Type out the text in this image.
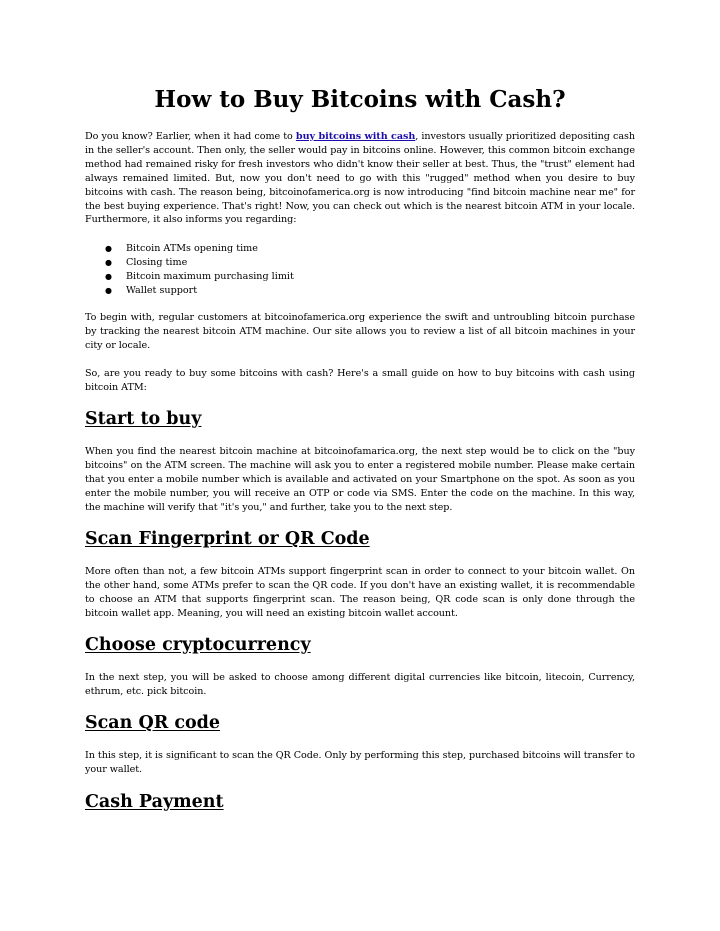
How to Buy Bitcoins with Cash?

Do you know? Earlier, when it had come to buy bitcoins with cash, investors usually prioritized depositing cash in the seller's account. Then only, the seller would pay in bitcoins online. However, this common bitcoin exchange method had remained risky for fresh investors who didn't know their seller at best. Thus, the "trust" element had always remained limited. But, now you don't need to go with this "rugged" method when you desire to buy bitcoins with cash. The reason being, bitcoinofamerica.org is now introducing "find bitcoin machine near me" for the best buying experience. That's right! Now, you can check out which is the nearest bitcoin ATM in your locale. Furthermore, it also informs you regarding:

● Bitcoin ATMs opening time
● Closing time
● Bitcoin maximum purchasing limit
● Wallet support

To begin with, regular customers at bitcoinofamerica.org experience the swift and untroubling bitcoin purchase by tracking the nearest bitcoin ATM machine. Our site allows you to review a list of all bitcoin machines in your city or locale.

So, are you ready to buy some bitcoins with cash? Here's a small guide on how to buy bitcoins with cash using bitcoin ATM:

Start to buy

When you find the nearest bitcoin machine at bitcoinofamarica.org, the next step would be to click on the "buy bitcoins" on the ATM screen. The machine will ask you to enter a registered mobile number. Please make certain that you enter a mobile number which is available and activated on your Smartphone on the spot. As soon as you enter the mobile number, you will receive an OTP or code via SMS. Enter the code on the machine. In this way, the machine will verify that "it's you," and further, take you to the next step.

Scan Fingerprint or QR Code

More often than not, a few bitcoin ATMs support fingerprint scan in order to connect to your bitcoin wallet. On the other hand, some ATMs prefer to scan the QR code. If you don't have an existing wallet, it is recommendable to choose an ATM that supports fingerprint scan. The reason being, QR code scan is only done through the bitcoin wallet app. Meaning, you will need an existing bitcoin wallet account.

Choose cryptocurrency

In the next step, you will be asked to choose among different digital currencies like bitcoin, litecoin, Currency, ethrum, etc. pick bitcoin.

Scan QR code

In this step, it is significant to scan the QR Code. Only by performing this step, purchased bitcoins will transfer to your wallet.

Cash Payment
